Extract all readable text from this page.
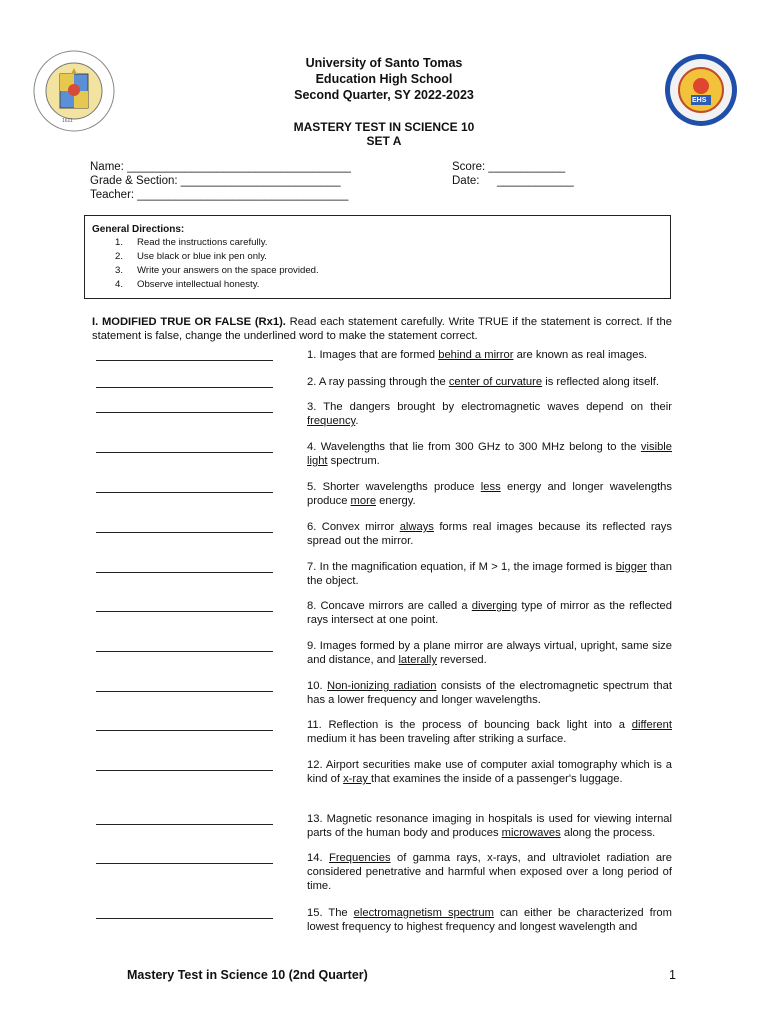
1611
EHS
University of Santo Tomas
Education High School
Second Quarter, SY 2022-2023
MASTERY TEST IN SCIENCE 10
SET A
Name: ___________________________________
Grade & Section: _________________________
Teacher: _________________________________
Score: ____________
Date: ____________
General Directions:
1. Read the instructions carefully.
2. Use black or blue ink pen only.
3. Write your answers on the space provided.
4. Observe intellectual honesty.
I. MODIFIED TRUE OR FALSE (Rx1). Read each statement carefully. Write TRUE if the statement is correct. If the statement is false, change the underlined word to make the statement correct.
1. Images that are formed behind a mirror are known as real images.
2. A ray passing through the center of curvature is reflected along itself.
3. The dangers brought by electromagnetic waves depend on their frequency.
4. Wavelengths that lie from 300 GHz to 300 MHz belong to the visible light spectrum.
5. Shorter wavelengths produce less energy and longer wavelengths produce more energy.
6. Convex mirror always forms real images because its reflected rays spread out the mirror.
7. In the magnification equation, if M > 1, the image formed is bigger than the object.
8. Concave mirrors are called a diverging type of mirror as the reflected rays intersect at one point.
9. Images formed by a plane mirror are always virtual, upright, same size and distance, and laterally reversed.
10. Non-ionizing radiation consists of the electromagnetic spectrum that has a lower frequency and longer wavelengths.
11. Reflection is the process of bouncing back light into a different medium it has been traveling after striking a surface.
12. Airport securities make use of computer axial tomography which is a kind of x-ray that examines the inside of a passenger's luggage.
13. Magnetic resonance imaging in hospitals is used for viewing internal parts of the human body and produces microwaves along the process.
14. Frequencies of gamma rays, x-rays, and ultraviolet radiation are considered penetrative and harmful when exposed over a long period of time.
15. The electromagnetism spectrum can either be characterized from lowest frequency to highest frequency and longest wavelength and
Mastery Test in Science 10 (2nd Quarter)	1
